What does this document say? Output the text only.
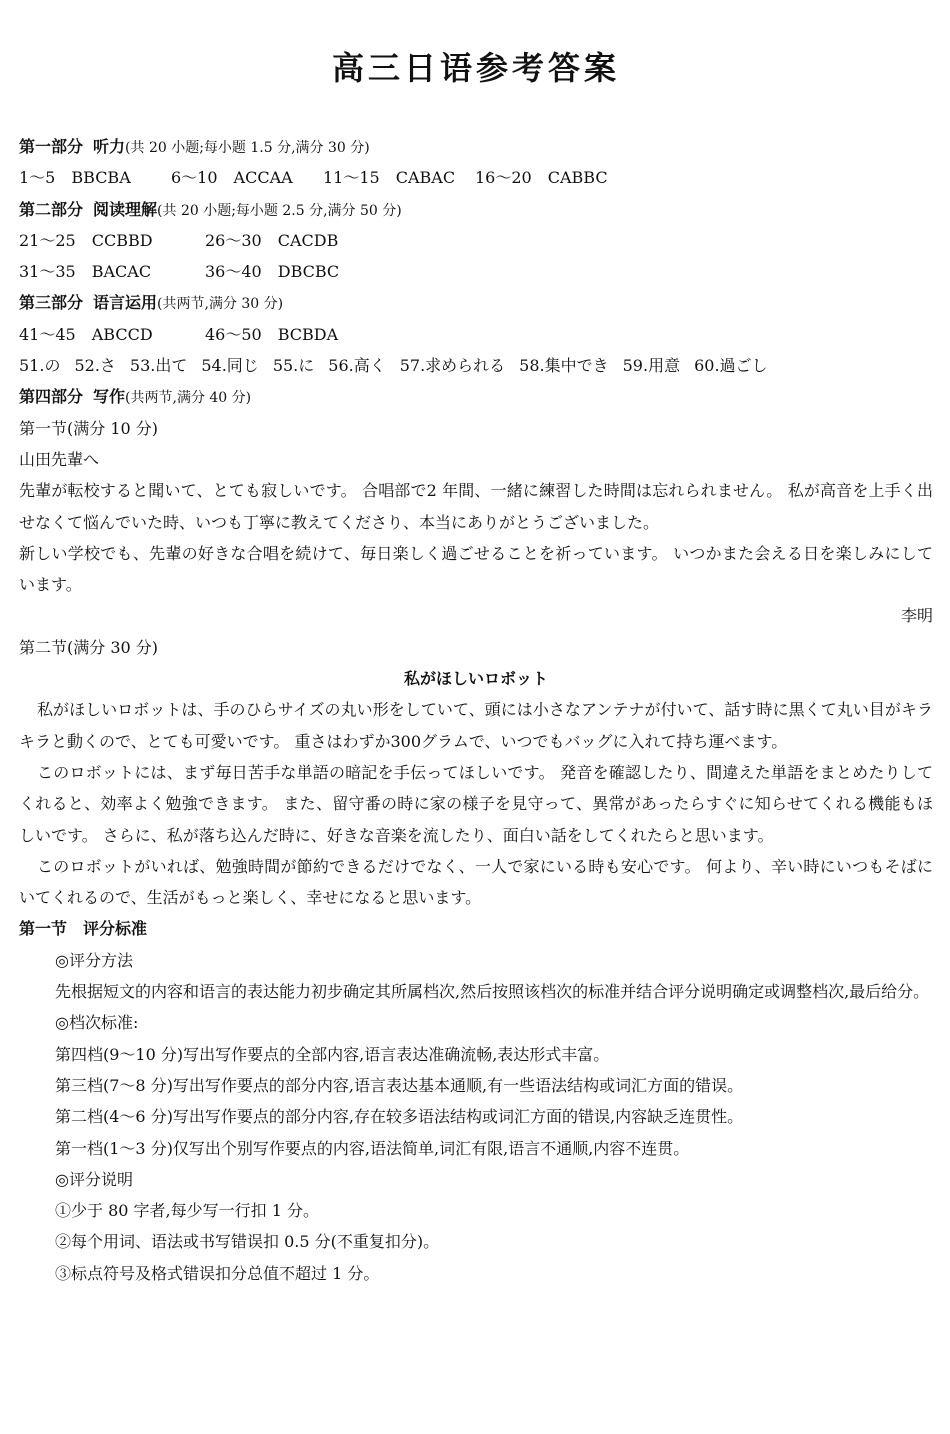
高三日语参考答案
第一部分 听力(共 20 小题;每小题 1.5 分,满分 30 分)
1～5 BBCBA	6～10 ACCAA 11～15 CABAC 16～20 CABBC
第二部分 阅读理解(共 20 小题;每小题 2.5 分,满分 50 分)
21～25 CCBBD	26～30 CACDB
31～35 BACAC	36～40 DBCBC
第三部分 语言运用(共两节,满分 30 分)
41～45 ABCCD	46～50 BCBDA
51.の 52.さ 53.出て 54.同じ 55.に 56.高く 57.求められる 58.集中でき 59.用意 60.過ごし
第四部分 写作(共两节,满分 40 分)
第一节(满分 10 分)
山田先輩へ
先輩が転校すると聞いて、とても寂しいです。 合唱部で2 年間、一緒に練習した時間は忘れられません。 私が高音を上手く出せなくて悩んでいた時、いつも丁寧に教えてくださり、本当にありがとうございました。
新しい学校でも、先輩の好きな合唱を続けて、毎日楽しく過ごせることを祈っています。 いつかまた会える日を楽しみにしています。
李明
第二节(满分 30 分)
私がほしいロボット
私がほしいロボットは、手のひらサイズの丸い形をしていて、頭には小さなアンテナが付いて、話す時に黒くて丸い目がキラキラと動くので、とても可愛いです。 重さはわずか300グラムで、いつでもバッグに入れて持ち運べます。
このロボットには、まず毎日苦手な単語の暗記を手伝ってほしいです。 発音を確認したり、間違えた単語をまとめたりしてくれると、効率よく勉強できます。 また、留守番の時に家の様子を見守って、異常があったらすぐに知らせてくれる機能もほしいです。 さらに、私が落ち込んだ時に、好きな音楽を流したり、面白い話をしてくれたらと思います。
このロボットがいれば、勉強時間が節約できるだけでなく、一人で家にいる時も安心です。 何より、辛い時にいつもそばにいてくれるので、生活がもっと楽しく、幸せになると思います。
第一节　评分标准
◎评分方法
先根据短文的内容和语言的表达能力初步确定其所属档次,然后按照该档次的标准并结合评分说明确定或调整档次,最后给分。
◎档次标准:
第四档(9～10 分)写出写作要点的全部内容,语言表达准确流畅,表达形式丰富。
第三档(7～8 分)写出写作要点的部分内容,语言表达基本通顺,有一些语法结构或词汇方面的错误。
第二档(4～6 分)写出写作要点的部分内容,存在较多语法结构或词汇方面的错误,内容缺乏连贯性。
第一档(1～3 分)仅写出个别写作要点的内容,语法简单,词汇有限,语言不通顺,内容不连贯。
◎评分说明
①少于 80 字者,每少写一行扣 1 分。
②每个用词、语法或书写错误扣 0.5 分(不重复扣分)。
③标点符号及格式错误扣分总值不超过 1 分。
